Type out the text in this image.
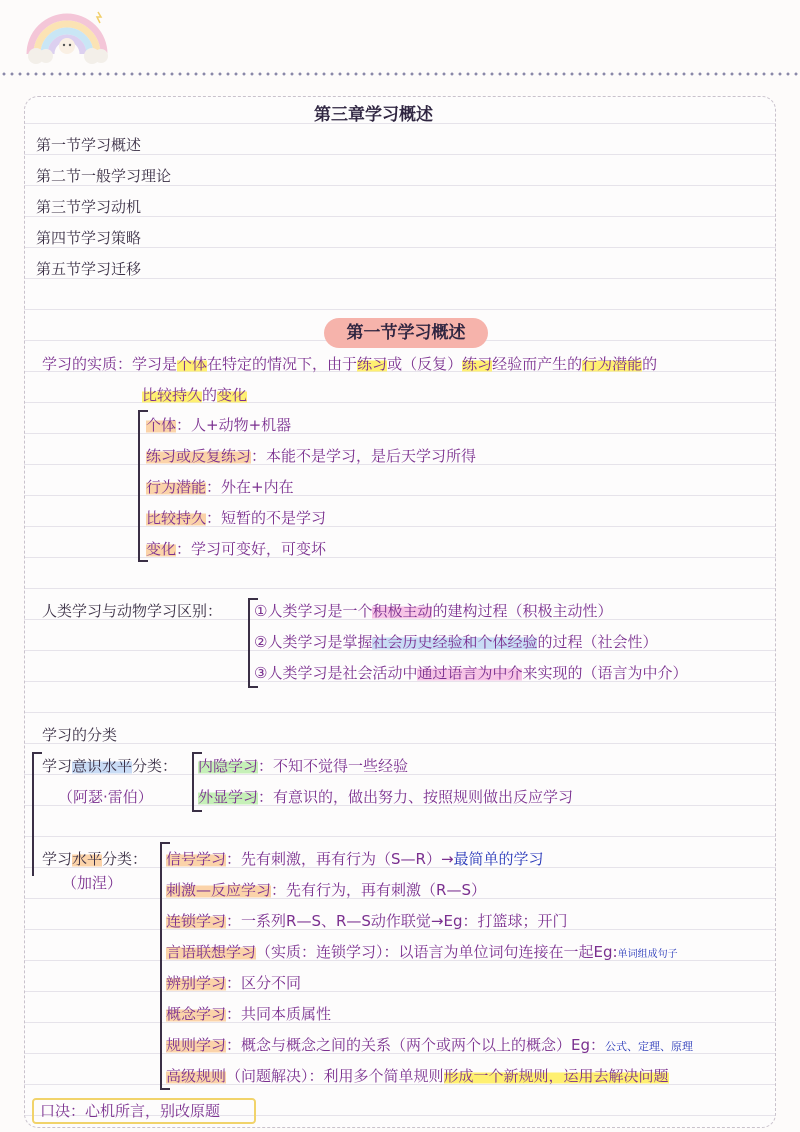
第三章学习概述
第一节学习概述
第二节一般学习理论
第三节学习动机
第四节学习策略
第五节学习迁移
第一节学习概述
学习的实质：学习是个体在特定的情况下，由于练习或（反复）练习经验而产生的行为潜能的
比较持久的变化
个体：人+动物+机器
练习或反复练习：本能不是学习，是后天学习所得
行为潜能：外在+内在
比较持久：短暂的不是学习
变化：学习可变好，可变坏
人类学习与动物学习区别： ①人类学习是一个积极主动的建构过程（积极主动性）
②人类学习是掌握社会历史经验和个体经验的过程（社会性）
③人类学习是社会活动中通过语言为中介来实现的（语言为中介）
学习的分类
学习意识水平分类：
（阿瑟·雷伯）
内隐学习：不知不觉得一些经验
外显学习：有意识的，做出努力、按照规则做出反应学习
学习水平分类：
（加涅）
信号学习：先有刺激，再有行为（S—R）→最简单的学习
刺激—反应学习：先有行为，再有刺激（R—S）
连锁学习：一系列R—S、R—S动作联觉→Eg：打篮球；开门
言语联想学习（实质：连锁学习）：以语言为单位词句连接在一起Eg:单词组成句子
辨别学习：区分不同
概念学习：共同本质属性
规则学习：概念与概念之间的关系（两个或两个以上的概念）Eg：公式、定理、原理
高级规则（问题解决）：利用多个简单规则形成一个新规则，运用去解决问题
口决：心机所言，别改原题
